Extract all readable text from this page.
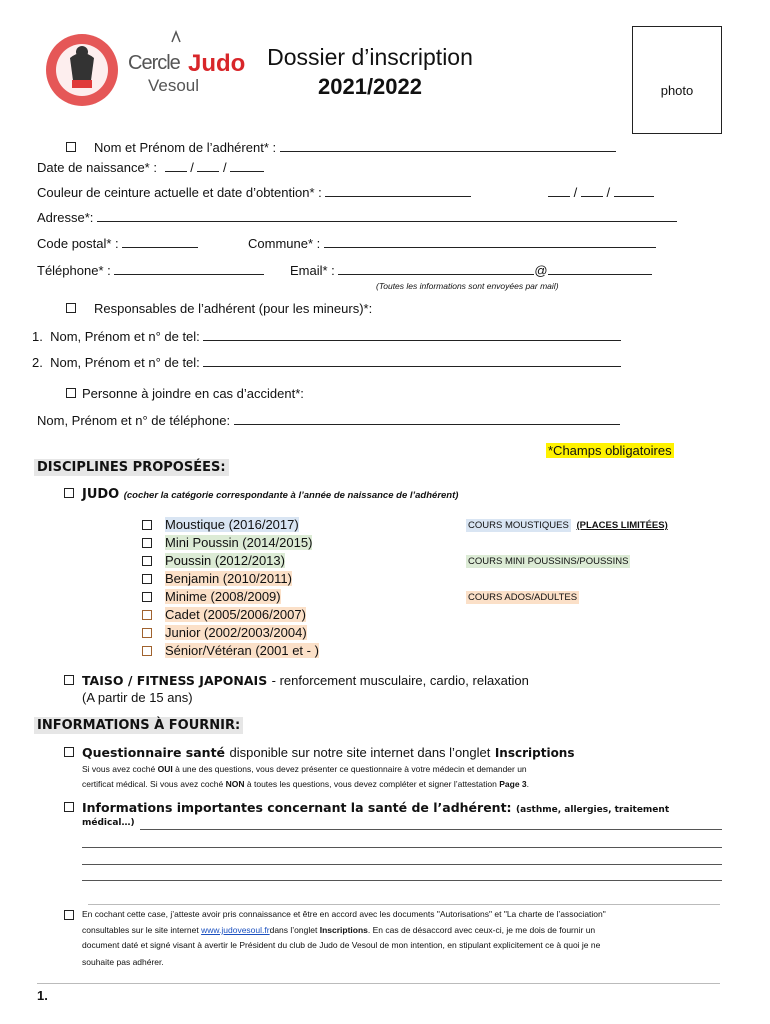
Cercle Judo
Vesoul
Dossier d’inscription
2021/2022	photo
Nom et Prénom de l’adhérent* :
Date de naissance* :  /  /
Couleur de ceinture actuelle et date d’obtention* :	/  /
Adresse*:
Code postal* :	Commune* :
Téléphone* :	Email* :	@
(Toutes les informations sont envoyées par mail)
Responsables de l’adhérent (pour les mineurs)*:
1. Nom, Prénom et n° de tel:
2. Nom, Prénom et n° de tel:
Personne à joindre en cas d’accident*:
Nom, Prénom et n° de téléphone:
*Champs obligatoires
DISCIPLINES PROPOSÉES:
JUDO (cocher la catégorie correspondante à l’année de naissance de l’adhérent)
Moustique (2016/2017)
Mini Poussin (2014/2015)
Poussin (2012/2013)
Benjamin (2010/2011)
Minime (2008/2009)
Cadet (2005/2006/2007)
Junior (2002/2003/2004)
Sénior/Vétéran (2001 et - )
COURS MOUSTIQUES (PLACES LIMITÉES)
COURS MINI POUSSINS/POUSSINS
COURS ADOS/ADULTES
TAISO / FITNESS JAPONAIS - renforcement musculaire, cardio, relaxation
(A partir de 15 ans)
INFORMATIONS À FOURNIR:
Questionnaire santé disponible sur notre site internet dans l’onglet Inscriptions
Si vous avez coché OUI à une des questions, vous devez présenter ce questionnaire à votre médecin et demander un
certificat médical. Si vous avez coché NON à toutes les questions, vous devez compléter et signer l’attestation Page 3.
Informations importantes concernant la santé de l’adhérent: (asthme, allergies, traitement
médical…)
En cochant cette case, j’atteste avoir pris connaissance et être en accord avec les documents "Autorisations" et "La charte de l’association"
consultables sur le site internet www.judovesoul.frdans l’onglet Inscriptions. En cas de désaccord avec ceux-ci, je me dois de fournir un
document daté et signé visant à avertir le Président du club de Judo de Vesoul de mon intention, en stipulant explicitement ce à quoi je ne
souhaite pas adhérer.
1.
